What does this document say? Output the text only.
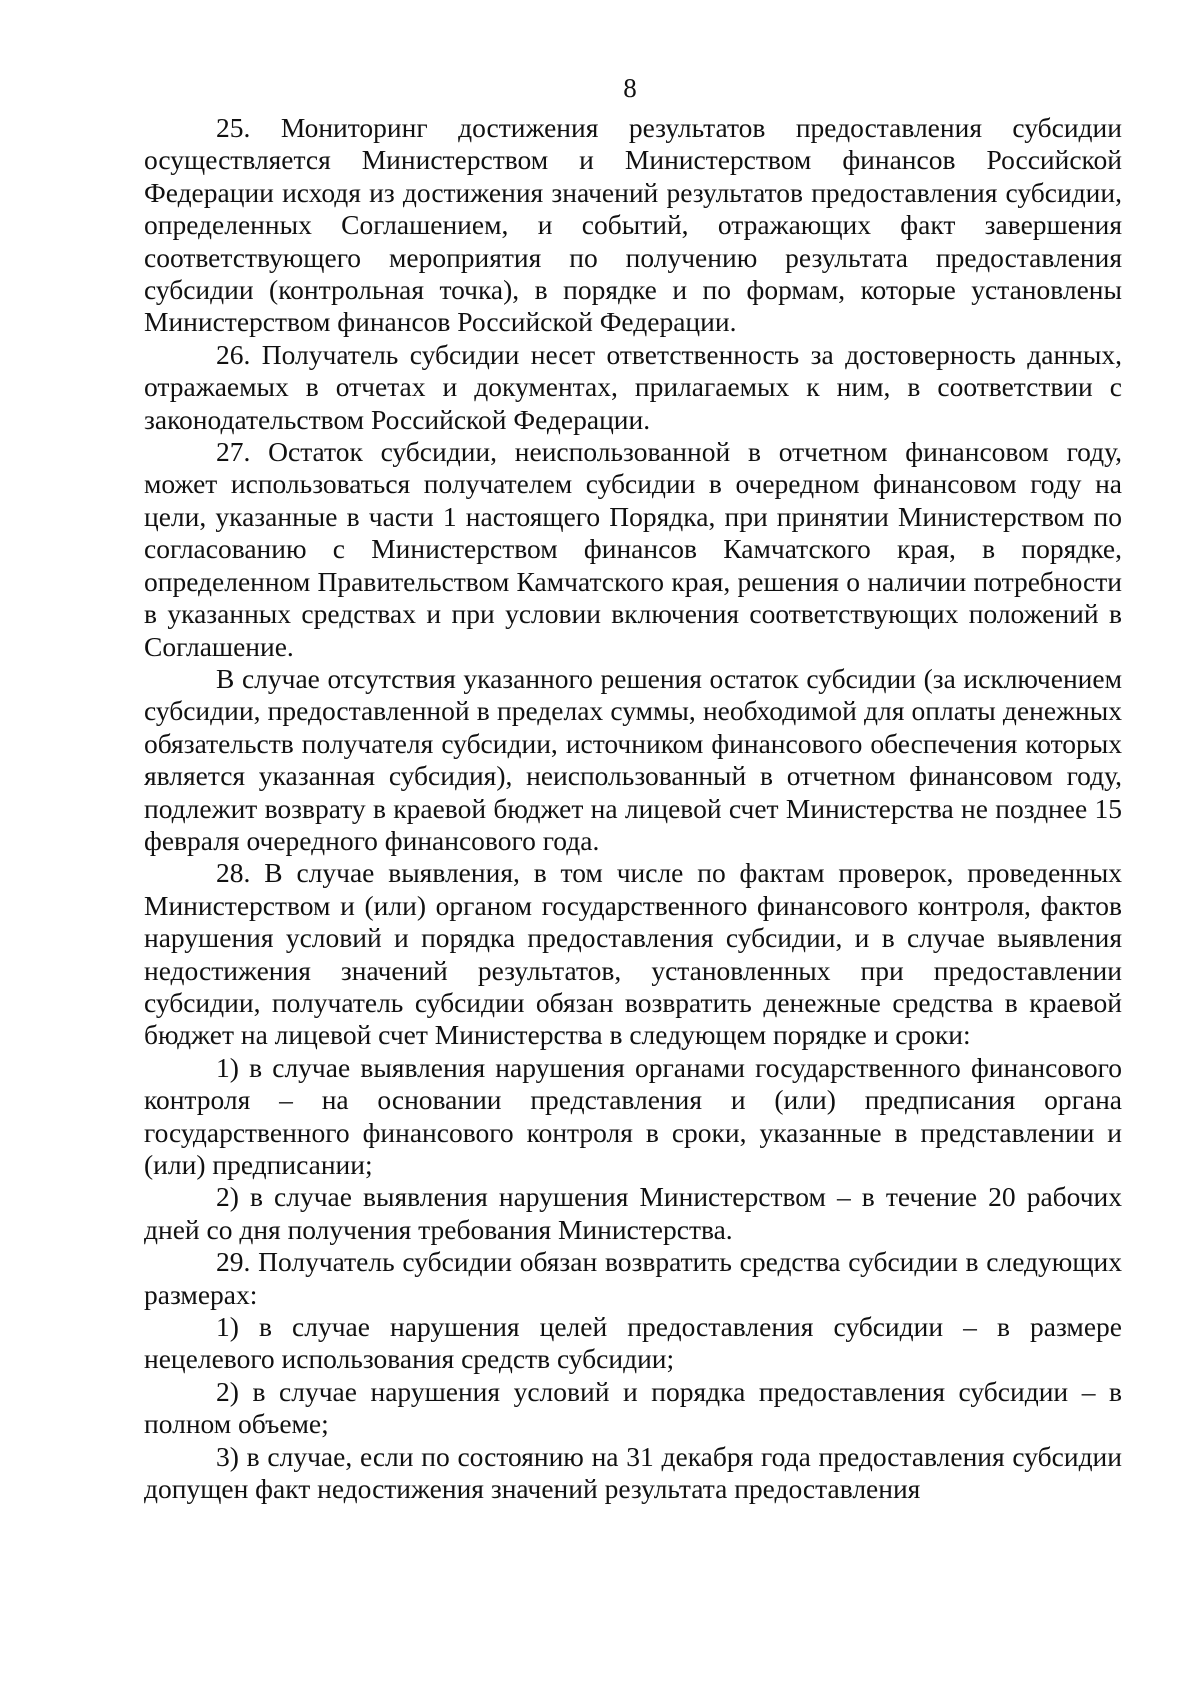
8

25. Мониторинг достижения результатов предоставления субсидии осуществляется Министерством и Министерством финансов Российской Федерации исходя из достижения значений результатов предоставления субсидии, определенных Соглашением, и событий, отражающих факт завершения соответствующего мероприятия по получению результата предоставления субсидии (контрольная точка), в порядке и по формам, которые установлены Министерством финансов Российской Федерации.

26. Получатель субсидии несет ответственность за достоверность данных, отражаемых в отчетах и документах, прилагаемых к ним, в соответствии с законодательством Российской Федерации.

27. Остаток субсидии, неиспользованной в отчетном финансовом году, может использоваться получателем субсидии в очередном финансовом году на цели, указанные в части 1 настоящего Порядка, при принятии Министерством по согласованию с Министерством финансов Камчатского края, в порядке, определенном Правительством Камчатского края, решения о наличии потребности в указанных средствах и при условии включения соответствующих положений в Соглашение.

В случае отсутствия указанного решения остаток субсидии (за исключением субсидии, предоставленной в пределах суммы, необходимой для оплаты денежных обязательств получателя субсидии, источником финансового обеспечения которых является указанная субсидия), неиспользованный в отчетном финансовом году, подлежит возврату в краевой бюджет на лицевой счет Министерства не позднее 15 февраля очередного финансового года.

28. В случае выявления, в том числе по фактам проверок, проведенных Министерством и (или) органом государственного финансового контроля, фактов нарушения условий и порядка предоставления субсидии, и в случае выявления недостижения значений результатов, установленных при предоставлении субсидии, получатель субсидии обязан возвратить денежные средства в краевой бюджет на лицевой счет Министерства в следующем порядке и сроки:

1) в случае выявления нарушения органами государственного финансового контроля – на основании представления и (или) предписания органа государственного финансового контроля в сроки, указанные в представлении и (или) предписании;

2) в случае выявления нарушения Министерством – в течение 20 рабочих дней со дня получения требования Министерства.

29. Получатель субсидии обязан возвратить средства субсидии в следующих размерах:

1) в случае нарушения целей предоставления субсидии – в размере нецелевого использования средств субсидии;

2) в случае нарушения условий и порядка предоставления субсидии – в полном объеме;

3) в случае, если по состоянию на 31 декабря года предоставления субсидии допущен факт недостижения значений результата предоставления
